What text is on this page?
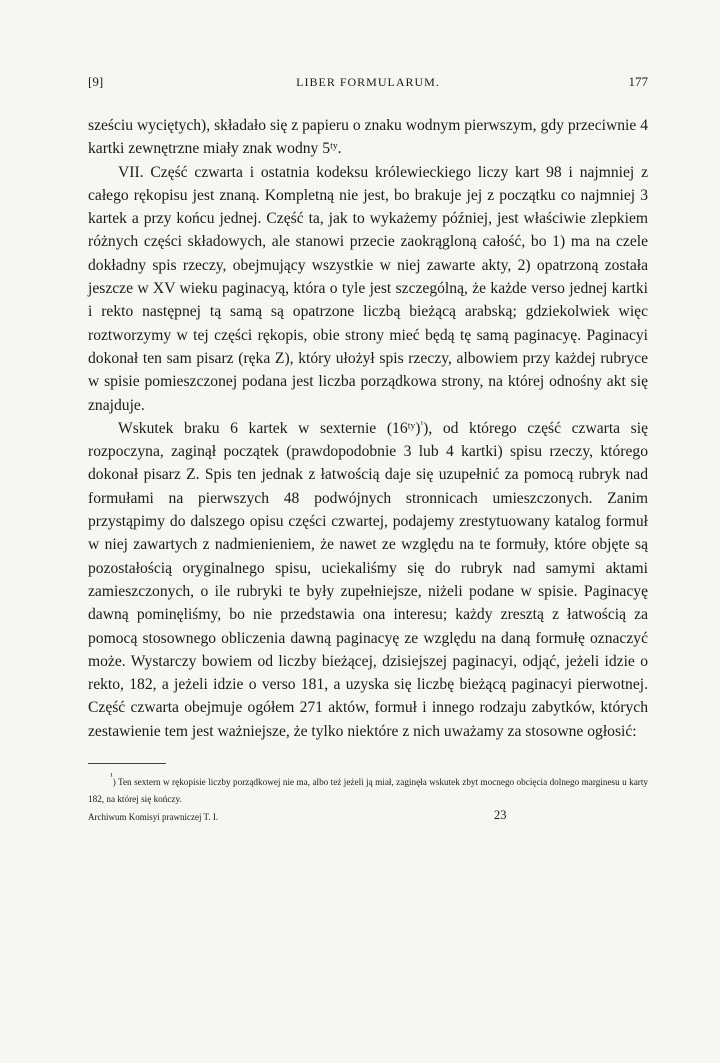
[9]	LIBER FORMULARUM.	177

sześciu wyciętych), składało się z papieru o znaku wodnym pierwszym, gdy przeciwnie 4 kartki zewnętrzne miały znak wodny 5ᵗʸ.

VII. Część czwarta i ostatnia kodeksu królewieckiego liczy kart 98 i najmniej z całego rękopisu jest znaną. Kompletną nie jest, bo brakuje jej z początku co najmniej 3 kartek a przy końcu jednej. Część ta, jak to wykażemy później, jest właściwie zlepkiem różnych części składowych, ale stanowi przecie zaokrągloną całość, bo 1) ma na czele dokładny spis rzeczy, obejmujący wszystkie w niej zawarte akty, 2) opatrzoną została jeszcze w XV wieku paginacyą, która o tyle jest szczególną, że każde verso jednej kartki i rekto następnej tą samą są opatrzone liczbą bieżącą arabską; gdziekolwiek więc roztworzymy w tej części rękopis, obie strony mieć będą tę samą paginacyę. Paginacyi dokonał ten sam pisarz (ręka Z), który ułożył spis rzeczy, albowiem przy każdej rubryce w spisie pomieszczonej podana jest liczba porządkowa strony, na której odnośny akt się znajduje.

Wskutek braku 6 kartek w sexternie (16ᵗʸ)$^{^1}$), od którego część czwarta się rozpoczyna, zaginął początek (prawdopodobnie 3 lub 4 kartki) spisu rzeczy, którego dokonał pisarz Z. Spis ten jednak z łatwością daje się uzupełnić za pomocą rubryk nad formułami na pierwszych 48 podwójnych stronnicach umieszczonych. Zanim przystąpimy do dalszego opisu części czwartej, podajemy zrestytuowany katalog formuł w niej zawartych z nadmienieniem, że nawet ze względu na te formuły, które objęte są pozostałością oryginalnego spisu, uciekaliśmy się do rubryk nad samymi aktami zamieszczonych, o ile rubryki te były zupełniejsze, niżeli podane w spisie. Paginacyę dawną pominęliśmy, bo nie przedstawia ona interesu; każdy zresztą z łatwością za pomocą stosownego obliczenia dawną paginacyę ze względu na daną formułę oznaczyć może. Wystarczy bowiem od liczby bieżącej, dzisiejszej paginacyi, odjąć, jeżeli idzie o rekto, 182, a jeżeli idzie o verso 181, a uzyska się liczbę bieżącą paginacyi pierwotnej. Część czwarta obejmuje ogółem 271 aktów, formuł i innego rodzaju zabytków, których zestawienie tem jest ważniejsze, że tylko niektóre z nich uważamy za stosowne ogłosić:

$^{^1}$) Ten sextern w rękopisie liczby porządkowej nie ma, albo też jeżeli ją miał, zaginęła wskutek zbyt mocnego obcięcia dolnego marginesu u karty 182, na której się kończy.
Archiwum Komisyi prawniczej T. I.	23
